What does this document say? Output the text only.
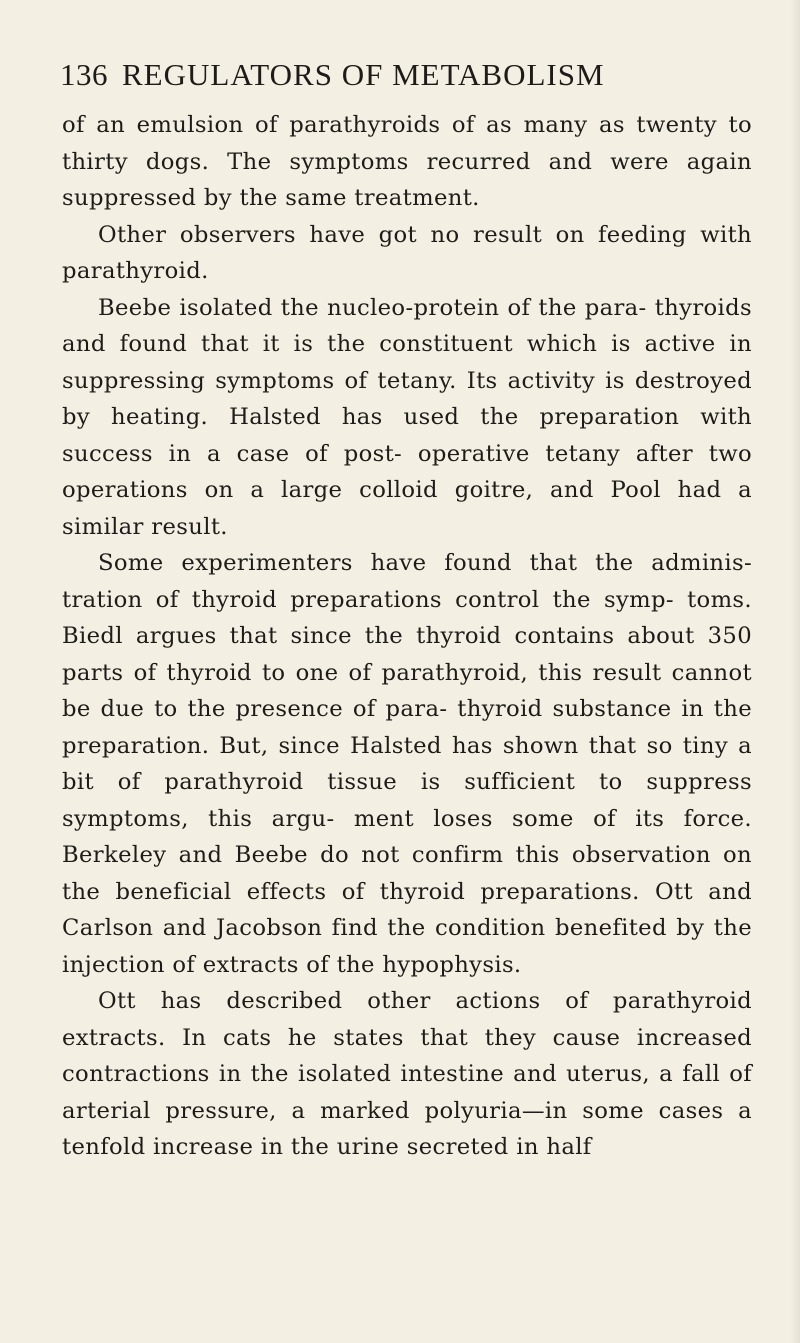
136 REGULATORS OF METABOLISM

of an emulsion of parathyroids of as many as twenty to thirty dogs. The symptoms recurred and were again suppressed by the same treatment.

Other observers have got no result on feeding with parathyroid.

Beebe isolated the nucleo-protein of the para- thyroids and found that it is the constituent which is active in suppressing symptoms of tetany. Its activity is destroyed by heating. Halsted has used the preparation with success in a case of post- operative tetany after two operations on a large colloid goitre, and Pool had a similar result.

Some experimenters have found that the adminis- tration of thyroid preparations control the symp- toms. Biedl argues that since the thyroid contains about 350 parts of thyroid to one of parathyroid, this result cannot be due to the presence of para- thyroid substance in the preparation. But, since Halsted has shown that so tiny a bit of parathyroid tissue is sufficient to suppress symptoms, this argu- ment loses some of its force. Berkeley and Beebe do not confirm this observation on the beneficial effects of thyroid preparations. Ott and Carlson and Jacobson find the condition benefited by the injection of extracts of the hypophysis.

Ott has described other actions of parathyroid extracts. In cats he states that they cause increased contractions in the isolated intestine and uterus, a fall of arterial pressure, a marked polyuria—in some cases a tenfold increase in the urine secreted in half
